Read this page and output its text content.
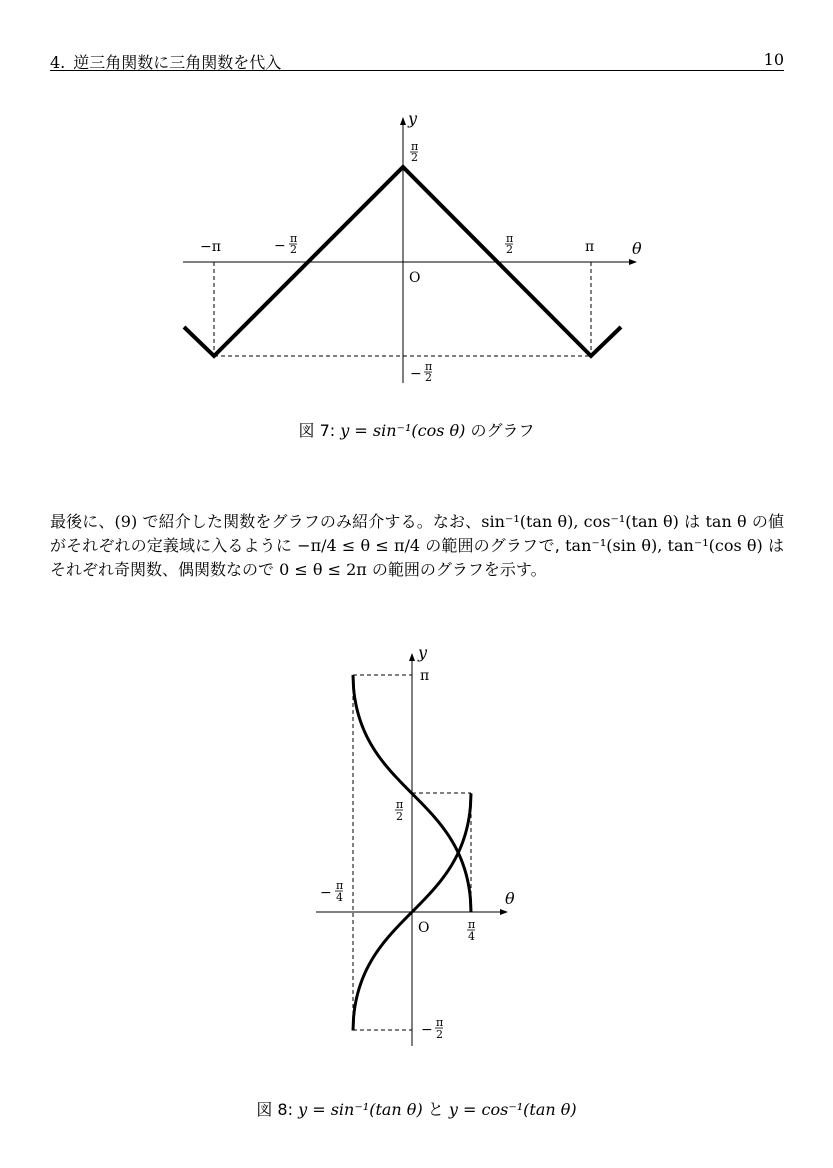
4. 逆三角関数に三角関数を代入	10
y
θ
O
π
2
−π	− π
2
π
2	π
− π
2
図 7: y = sin⁻¹(cos θ) のグラフ
最後に、(9) で紹介した関数をグラフのみ紹介する。なお、sin⁻¹(tan θ), cos⁻¹(tan θ) は tan θ の値がそれぞれの定義域に入るように −π/4 ≤ θ ≤ π/4 の範囲のグラフで, tan⁻¹(sin θ), tan⁻¹(cos θ) はそれぞれ奇関数、偶関数なので 0 ≤ θ ≤ 2π の範囲のグラフを示す。
y
θ
O
π
π
2
− π
4
π
4
− π
2
図 8: y = sin⁻¹(tan θ) と y = cos⁻¹(tan θ)
